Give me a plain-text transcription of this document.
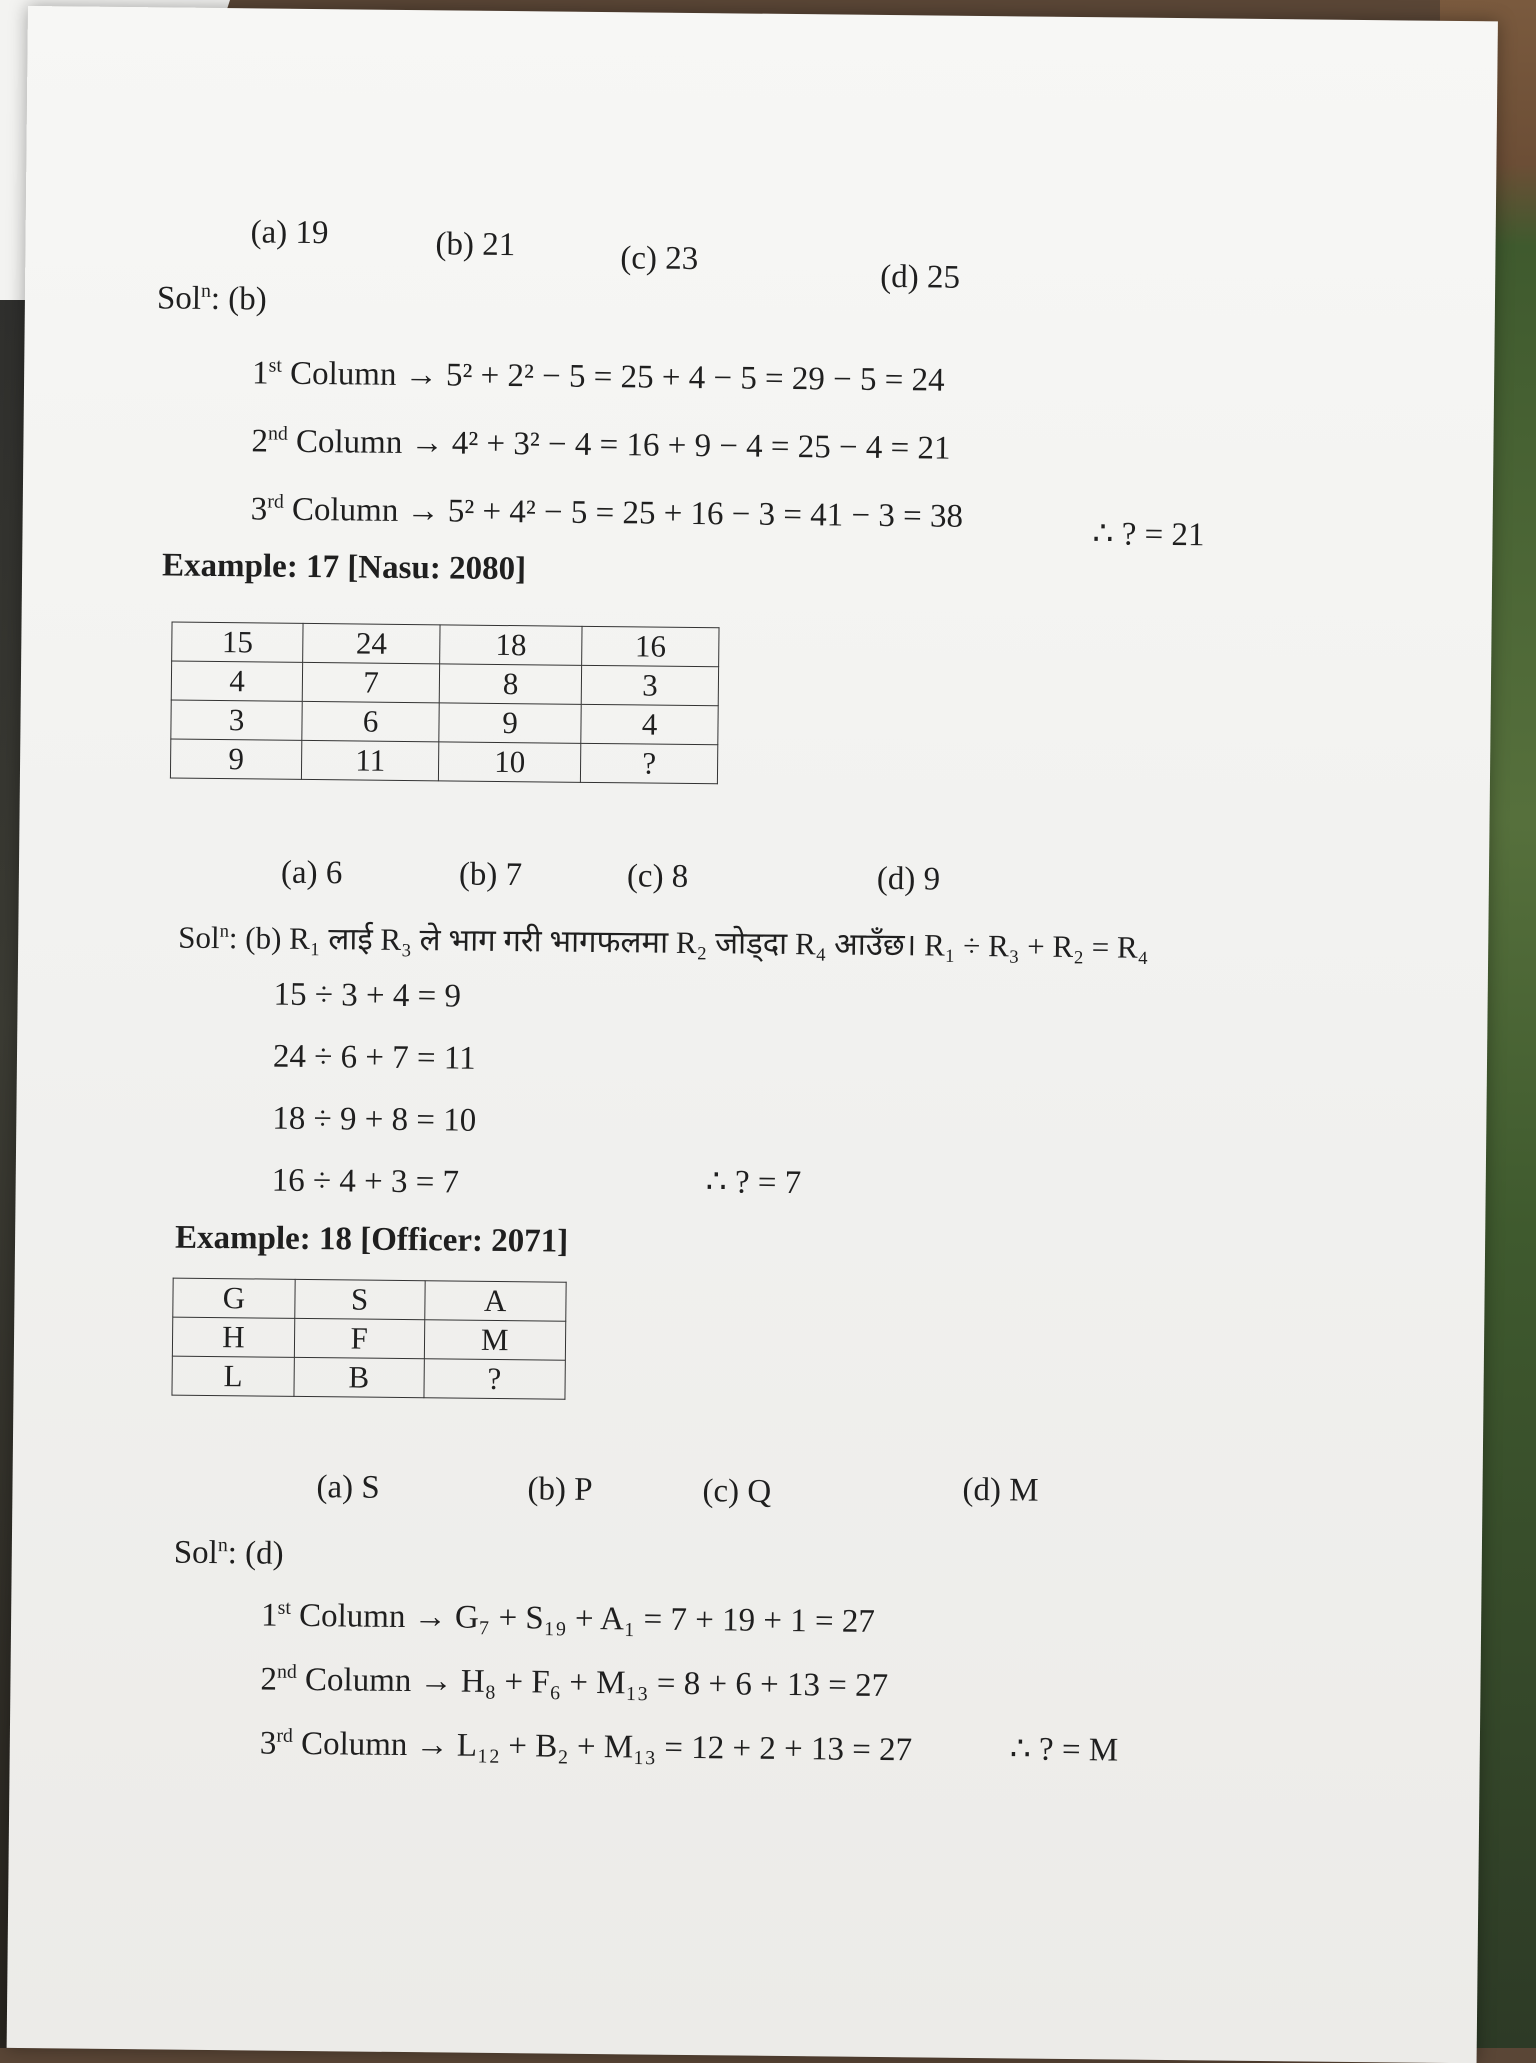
(a) 19	(b) 21	(c) 23
(d) 25
Sol$^n$: (b)
1st Column → 5² + 2² − 5 = 25 + 4 − 5 = 29 − 5 = 24
2nd Column → 4² + 3² − 4 = 16 + 9 − 4 = 25 − 4 = 21
3rd Column → 5² + 4² − 5 = 25 + 16 − 3 = 41 − 3 = 38	∴ ? = 21
Example: 17 [Nasu: 2080]
15	24	18	16
4	7	8	3
3	6	9	4
9	11	10	?
(a) 6	(b) 7	(c) 8	(d) 9
Sol$^n$: (b) R₁ लाई R₃ ले भाग गरी भागफलमा R₂ जोड्दा R₄ आउँछ। R₁ ÷ R₃ + R₂ = R₄
15 ÷ 3 + 4 = 9
24 ÷ 6 + 7 = 11
18 ÷ 9 + 8 = 10
16 ÷ 4 + 3 = 7	∴ ? = 7
Example: 18 [Officer: 2071]
G	S	A
H	F	M
L	B	?
(a) S	(b) P	(c) Q	(d) M
Sol$^n$: (d)
1st Column → G₇ + S₁₉ + A₁ = 7 + 19 + 1 = 27
2nd Column → H₈ + F₆ + M₁₃ = 8 + 6 + 13 = 27
3rd Column → L₁₂ + B₂ + M₁₃ = 12 + 2 + 13 = 27	∴ ? = M
